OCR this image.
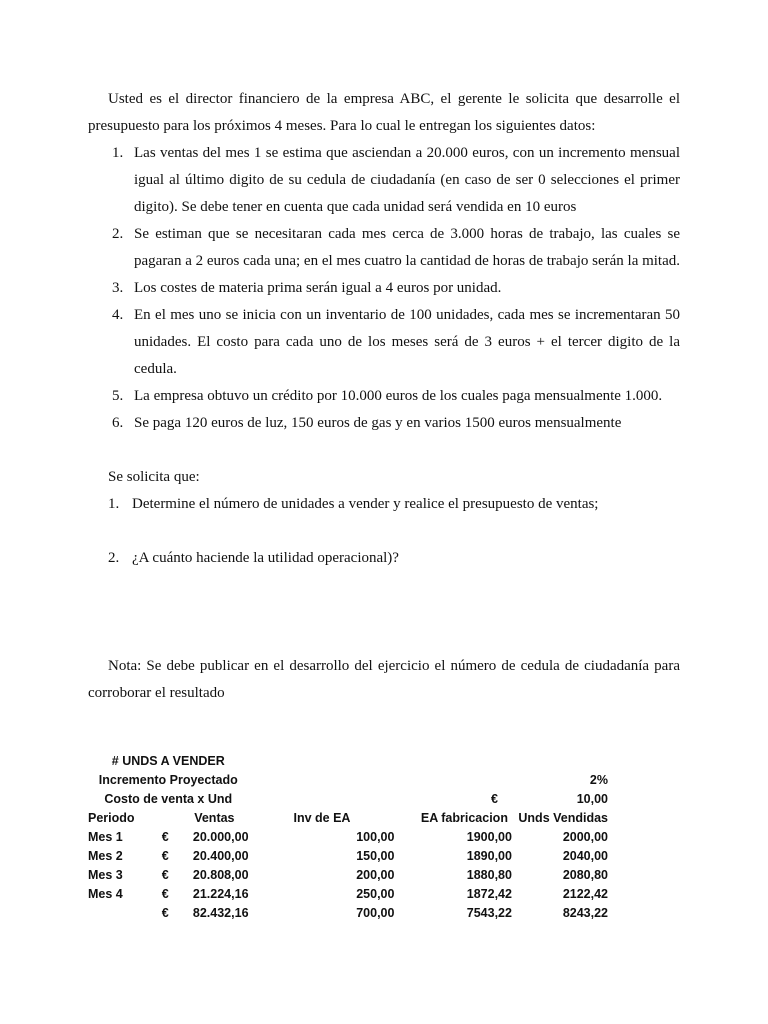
Usted es el director financiero de la empresa ABC, el gerente le solicita que desarrolle el presupuesto para los próximos 4 meses. Para lo cual le entregan los siguientes datos:

1. Las ventas del mes 1 se estima que asciendan a 20.000 euros, con un incremento mensual igual al último digito de su cedula de ciudadanía (en caso de ser 0 selecciones el primer digito). Se debe tener en cuenta que cada unidad será vendida en 10 euros
2. Se estiman que se necesitaran cada mes cerca de 3.000 horas de trabajo, las cuales se pagaran a 2 euros cada una; en el mes cuatro la cantidad de horas de trabajo serán la mitad.
3. Los costes de materia prima serán igual a 4 euros por unidad.
4. En el mes uno se inicia con un inventario de 100 unidades, cada mes se incrementaran 50 unidades. El costo para cada uno de los meses será de 3 euros + el tercer digito de la cedula.
5. La empresa obtuvo un crédito por 10.000 euros de los cuales paga mensualmente 1.000.
6. Se paga 120 euros de luz, 150 euros de gas y en varios 1500 euros mensualmente

Se solicita que:

1. Determine el número de unidades a vender y realice el presupuesto de ventas;
2. ¿A cuánto haciende la utilidad operacional)?

Nota: Se debe publicar en el desarrollo del ejercicio el número de cedula de ciudadanía para corroborar el resultado

# UNDS A VENDER				
Incremento Proyectado				2%
Costo de venta x Und			€	10,00
Periodo	Ventas	Inv de EA	EA fabricacion	Unds Vendidas
Mes 1	€ 20.000,00	100,00	1900,00	2000,00
Mes 2	€ 20.400,00	150,00	1890,00	2040,00
Mes 3	€ 20.808,00	200,00	1880,80	2080,80
Mes 4	€ 21.224,16	250,00	1872,42	2122,42
	€ 82.432,16	700,00	7543,22	8243,22
